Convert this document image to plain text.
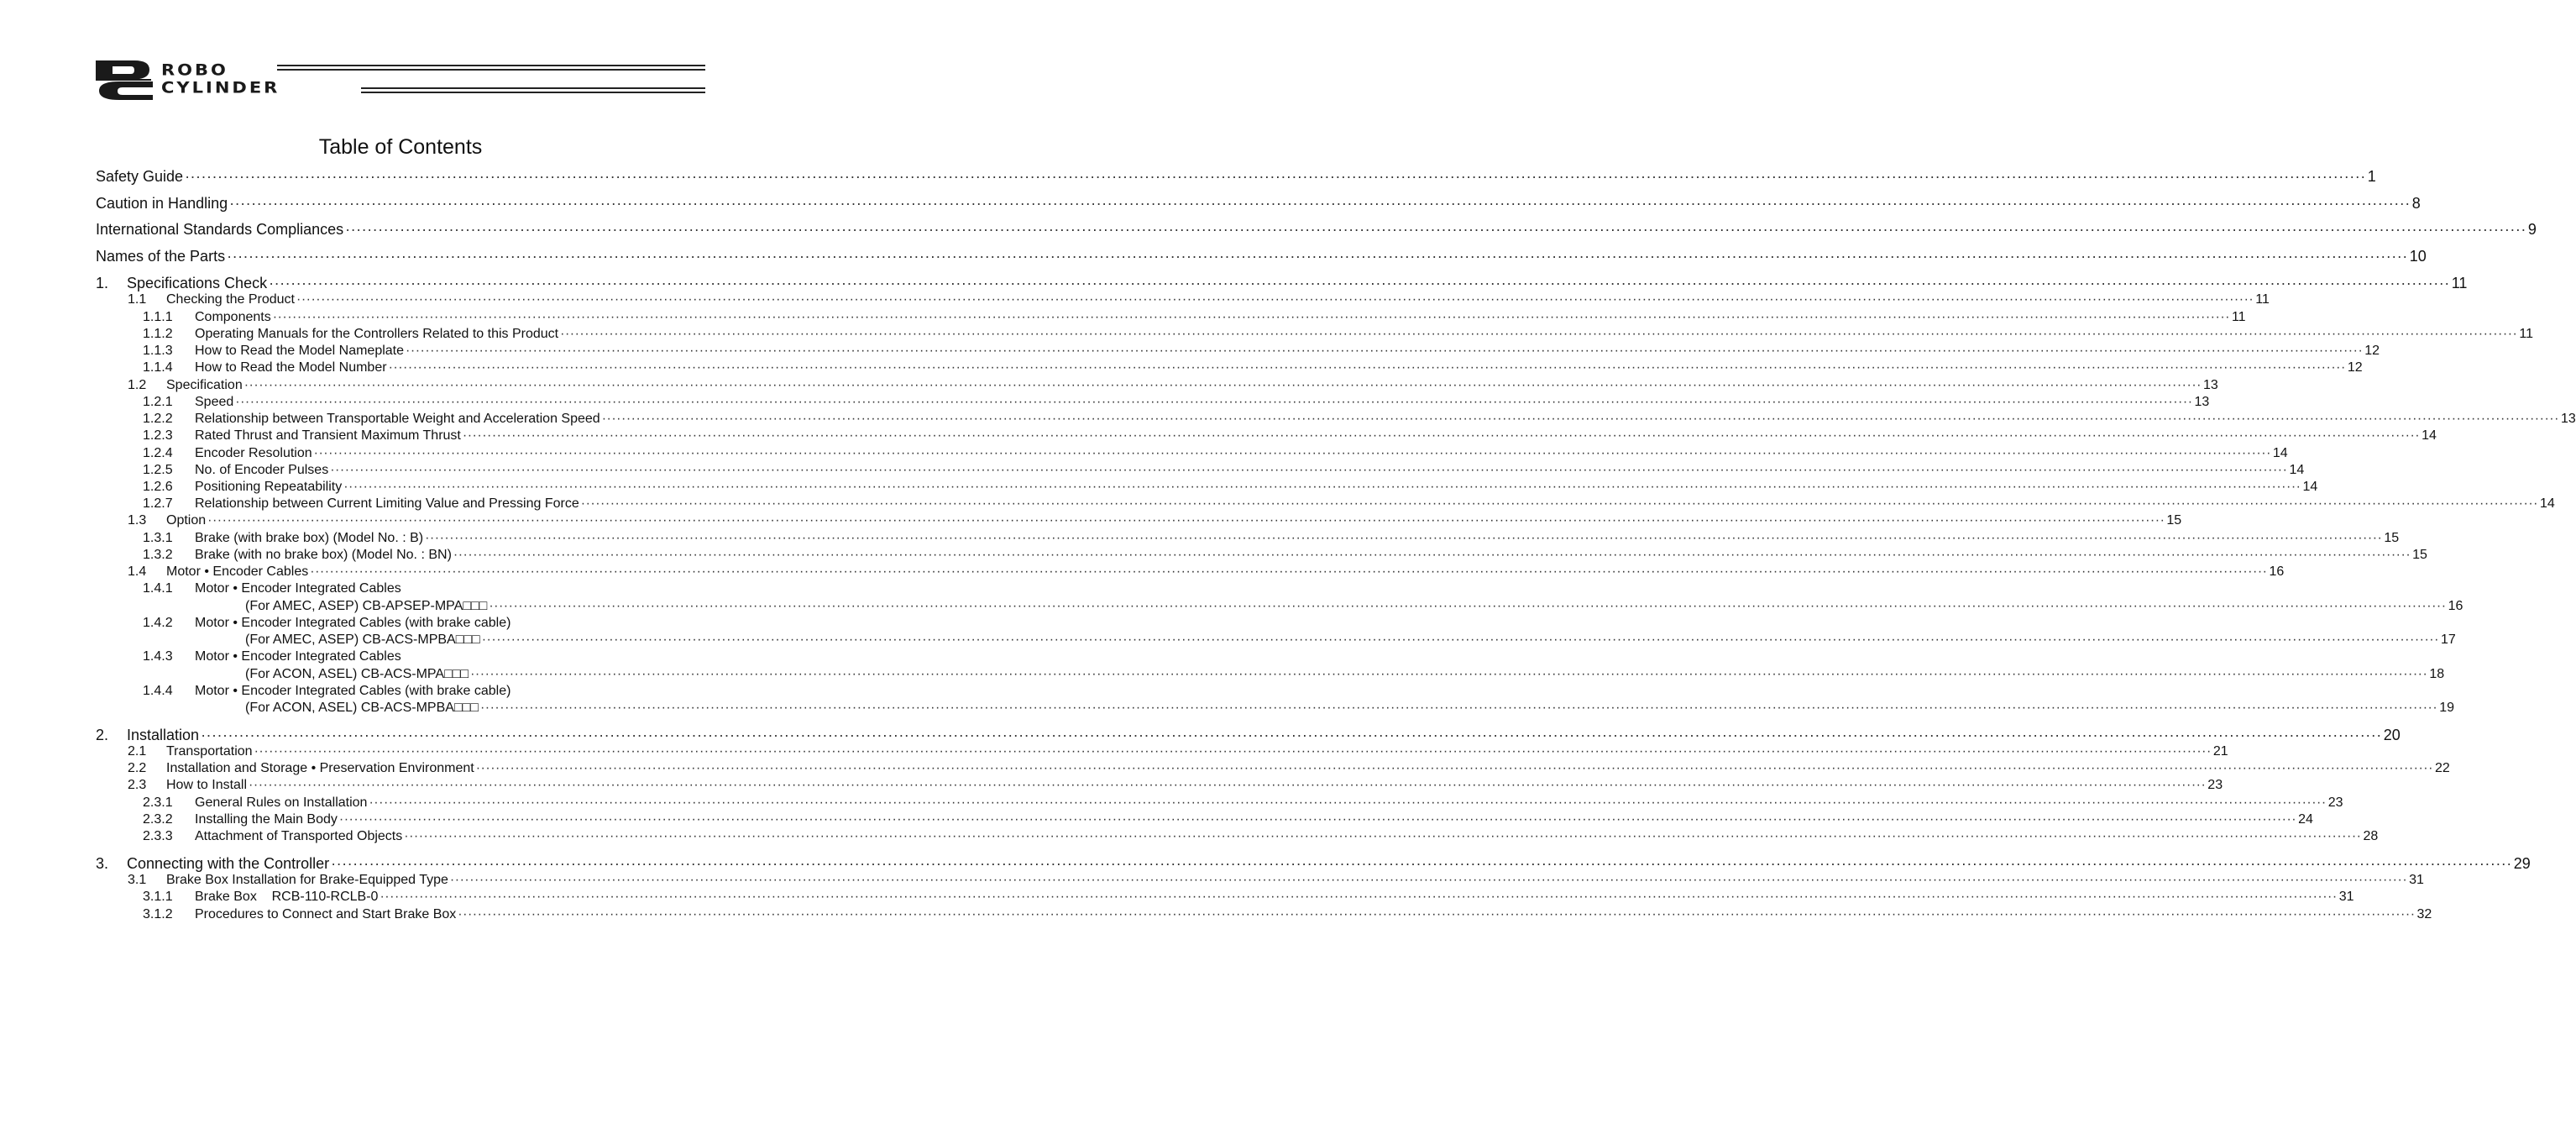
ROBO
CYLINDER
Table of Contents
Safety Guide ················································································································································································································································································································································································································ 1
Caution in Handling ················································································································································································································································································································································································································ 8
International Standards Compliances ················································································································································································································································································································································································································ 9
Names of the Parts ················································································································································································································································································································································································································ 10
1.	Specifications Check ················································································································································································································································································································································································································ 11
1.1	Checking the Product ················································································································································································································································································································································································································ 11
1.1.1	Components ················································································································································································································································································································································································································ 11
1.1.2	Operating Manuals for the Controllers Related to this Product ················································································································································································································································································································································································································ 11
1.1.3	How to Read the Model Nameplate ················································································································································································································································································································································································································ 12
1.1.4	How to Read the Model Number ················································································································································································································································································································································································································ 12
1.2	Specification ················································································································································································································································································································································································································ 13
1.2.1	Speed ················································································································································································································································································································································································································ 13
1.2.2	Relationship between Transportable Weight and Acceleration Speed ················································································································································································································································································································································································································ 13
1.2.3	Rated Thrust and Transient Maximum Thrust ················································································································································································································································································································································································································ 14
1.2.4	Encoder Resolution ················································································································································································································································································································································································································ 14
1.2.5	No. of Encoder Pulses ················································································································································································································································································································································································································ 14
1.2.6	Positioning Repeatability ················································································································································································································································································································································································································ 14
1.2.7	Relationship between Current Limiting Value and Pressing Force ················································································································································································································································································································································································································ 14
1.3	Option ················································································································································································································································································································································································································ 15
1.3.1	Brake (with brake box) (Model No. : B) ················································································································································································································································································································································································································ 15
1.3.2	Brake (with no brake box) (Model No. : BN) ················································································································································································································································································································································································································ 15
1.4	Motor • Encoder Cables ················································································································································································································································································································································································································ 16
1.4.1	Motor • Encoder Integrated Cables
(For AMEC, ASEP) CB-APSEP-MPA□□□ ················································································································································································································································································································································································································ 16
1.4.2	Motor • Encoder Integrated Cables (with brake cable)
(For AMEC, ASEP) CB-ACS-MPBA□□□ ················································································································································································································································································································································································································ 17
1.4.3	Motor • Encoder Integrated Cables
(For ACON, ASEL) CB-ACS-MPA□□□ ················································································································································································································································································································································································································ 18
1.4.4	Motor • Encoder Integrated Cables (with brake cable)
(For ACON, ASEL) CB-ACS-MPBA□□□ ················································································································································································································································································································································································································ 19
2.	Installation ················································································································································································································································································································································································································ 20
2.1	Transportation ················································································································································································································································································································································································································ 21
2.2	Installation and Storage • Preservation Environment ················································································································································································································································································································································································································ 22
2.3	How to Install ················································································································································································································································································································································································································ 23
2.3.1	General Rules on Installation ················································································································································································································································································································································································································ 23
2.3.2	Installing the Main Body ················································································································································································································································································································································································································ 24
2.3.3	Attachment of Transported Objects ················································································································································································································································································································································································································ 28
3.	Connecting with the Controller ················································································································································································································································································································································································································ 29
3.1	Brake Box Installation for Brake-Equipped Type ················································································································································································································································································································································································································ 31
3.1.1	Brake Box    RCB-110-RCLB-0 ················································································································································································································································································································································································································ 31
3.1.2	Procedures to Connect and Start Brake Box ················································································································································································································································································································································································································ 32
